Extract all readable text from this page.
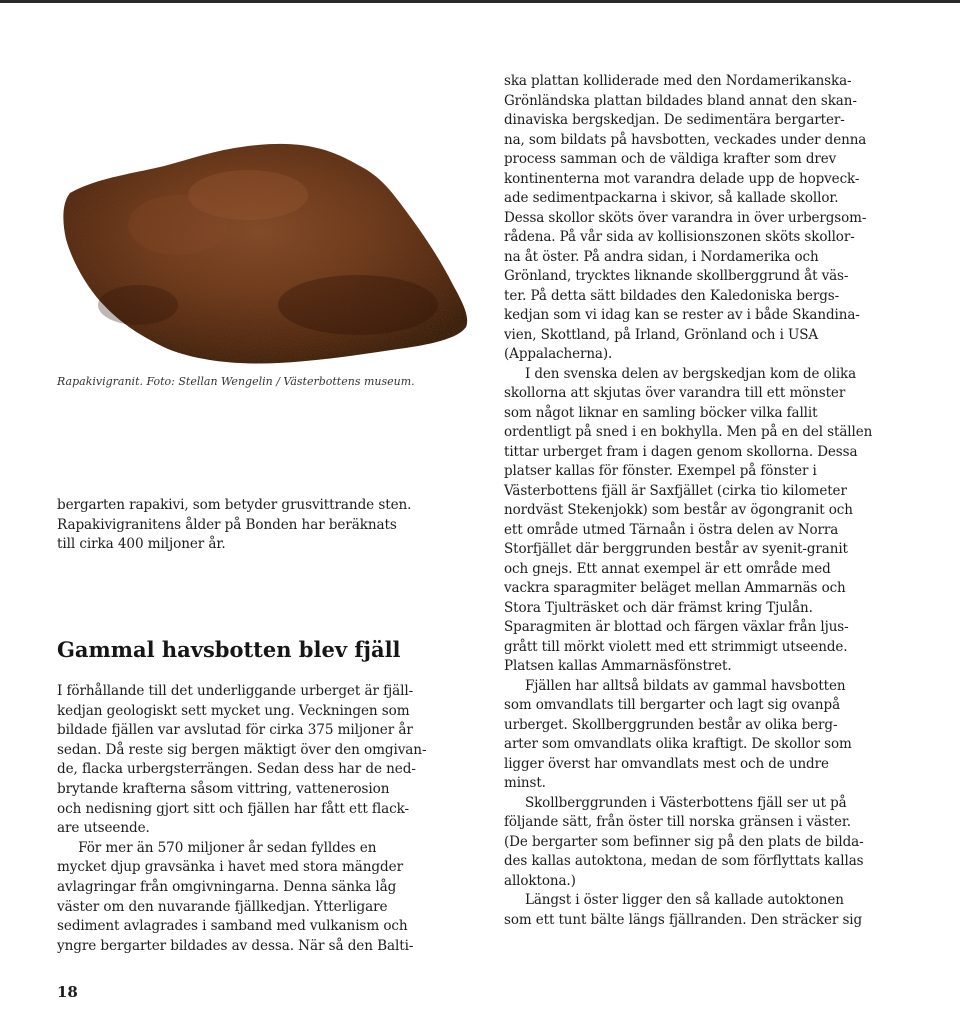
Rapakivigranit. Foto: Stellan Wengelin / Västerbottens museum.
bergarten rapakivi, som betyder grusvittrande sten.
Rapakivigranitens ålder på Bonden har beräknats
till cirka 400 miljoner år.
Gammal havsbotten blev fjäll
I förhållande till det underliggande urberget är fjäll-
kedjan geologiskt sett mycket ung. Veckningen som
bildade fjällen var avslutad för cirka 375 miljoner år
sedan. Då reste sig bergen mäktigt över den omgivan-
de, flacka urbergsterrängen. Sedan dess har de ned-
brytande krafterna såsom vittring, vattenerosion
och nedisning gjort sitt och fjällen har fått ett flack-
are utseende.
För mer än 570 miljoner år sedan fylldes en
mycket djup gravsänka i havet med stora mängder
avlagringar från omgivningarna. Denna sänka låg
väster om den nuvarande fjällkedjan. Ytterligare
sediment avlagrades i samband med vulkanism och
yngre bergarter bildades av dessa. När så den Balti-
ska plattan kolliderade med den Nordamerikanska-
Grönländska plattan bildades bland annat den skan-
dinaviska bergskedjan. De sedimentära bergarter-
na, som bildats på havsbotten, veckades under denna
process samman och de väldiga krafter som drev
kontinenterna mot varandra delade upp de hopveck-
ade sedimentpackarna i skivor, så kallade skollor.
Dessa skollor sköts över varandra in över urbergsom-
rådena. På vår sida av kollisionszonen sköts skollor-
na åt öster. På andra sidan, i Nordamerika och
Grönland, trycktes liknande skollberggrund åt väs-
ter. På detta sätt bildades den Kaledoniska bergs-
kedjan som vi idag kan se rester av i både Skandina-
vien, Skottland, på Irland, Grönland och i USA
(Appalacherna).
I den svenska delen av bergskedjan kom de olika
skollorna att skjutas över varandra till ett mönster
som något liknar en samling böcker vilka fallit
ordentligt på sned i en bokhylla. Men på en del ställen
tittar urberget fram i dagen genom skollorna. Dessa
platser kallas för fönster. Exempel på fönster i
Västerbottens fjäll är Saxfjället (cirka tio kilometer
nordväst Stekenjokk) som består av ögongranit och
ett område utmed Tärnaån i östra delen av Norra
Storfjället där berggrunden består av syenit-granit
och gnejs. Ett annat exempel är ett område med
vackra sparagmiter beläget mellan Ammarnäs och
Stora Tjulträsket och där främst kring Tjulån.
Sparagmiten är blottad och färgen växlar från ljus-
grått till mörkt violett med ett strimmigt utseende.
Platsen kallas Ammarnäsfönstret.
Fjällen har alltså bildats av gammal havsbotten
som omvandlats till bergarter och lagt sig ovanpå
urberget. Skollberggrunden består av olika berg-
arter som omvandlats olika kraftigt. De skollor som
ligger överst har omvandlats mest och de undre
minst.
Skollberggrunden i Västerbottens fjäll ser ut på
följande sätt, från öster till norska gränsen i väster.
(De bergarter som befinner sig på den plats de bilda-
des kallas autoktona, medan de som förflyttats kallas
alloktona.)
Längst i öster ligger den så kallade autoktonen
som ett tunt bälte längs fjällranden. Den sträcker sig
18
